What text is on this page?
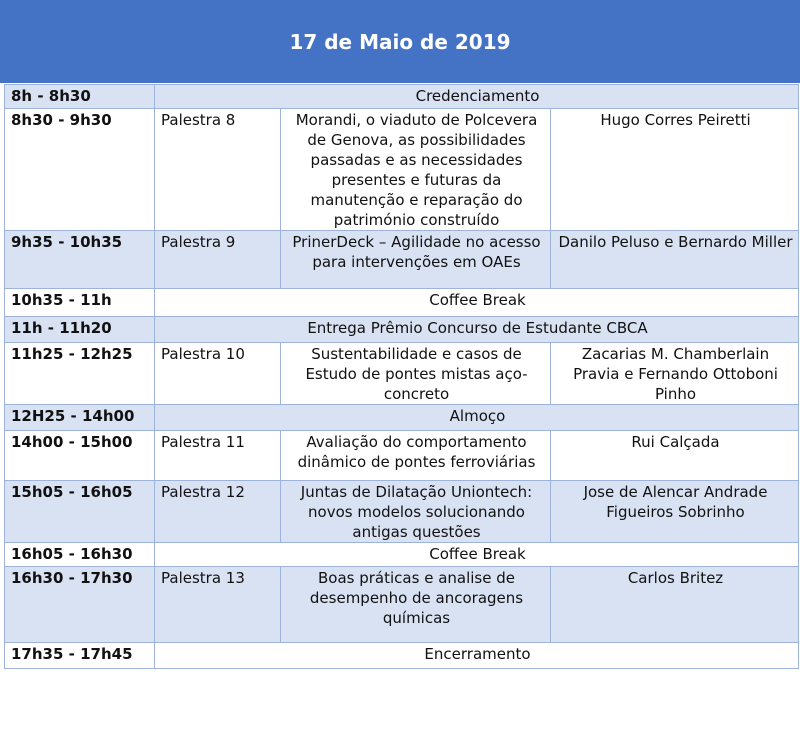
17 de Maio de 2019
8h - 8h30	Credenciamento		
8h30 - 9h30	Palestra 8	Morandi, o viaduto de Polcevera de Genova, as possibilidades passadas e as necessidades presentes e futuras da manutenção e reparação do património construído	Hugo Corres Peiretti
9h35 - 10h35	Palestra 9	PrinerDeck – Agilidade no acesso para intervenções em OAEs	Danilo Peluso e Bernardo Miller
10h35 - 11h	Coffee Break		
11h - 11h20	Entrega Prêmio Concurso de Estudante CBCA		
11h25 - 12h25	Palestra 10	Sustentabilidade e casos de Estudo de pontes mistas aço-concreto	Zacarias M. Chamberlain Pravia e Fernando Ottoboni Pinho
12H25 - 14h00	Almoço		
14h00 - 15h00	Palestra 11	Avaliação do comportamento dinâmico de pontes ferroviárias	Rui Calçada
15h05 - 16h05	Palestra 12	Juntas de Dilatação Uniontech: novos modelos solucionando antigas questões	Jose de Alencar Andrade Figueiros Sobrinho
16h05 - 16h30	Coffee Break		
16h30 - 17h30	Palestra 13	Boas práticas e analise de desempenho de ancoragens químicas	Carlos Britez
17h35 - 17h45	Encerramento		
